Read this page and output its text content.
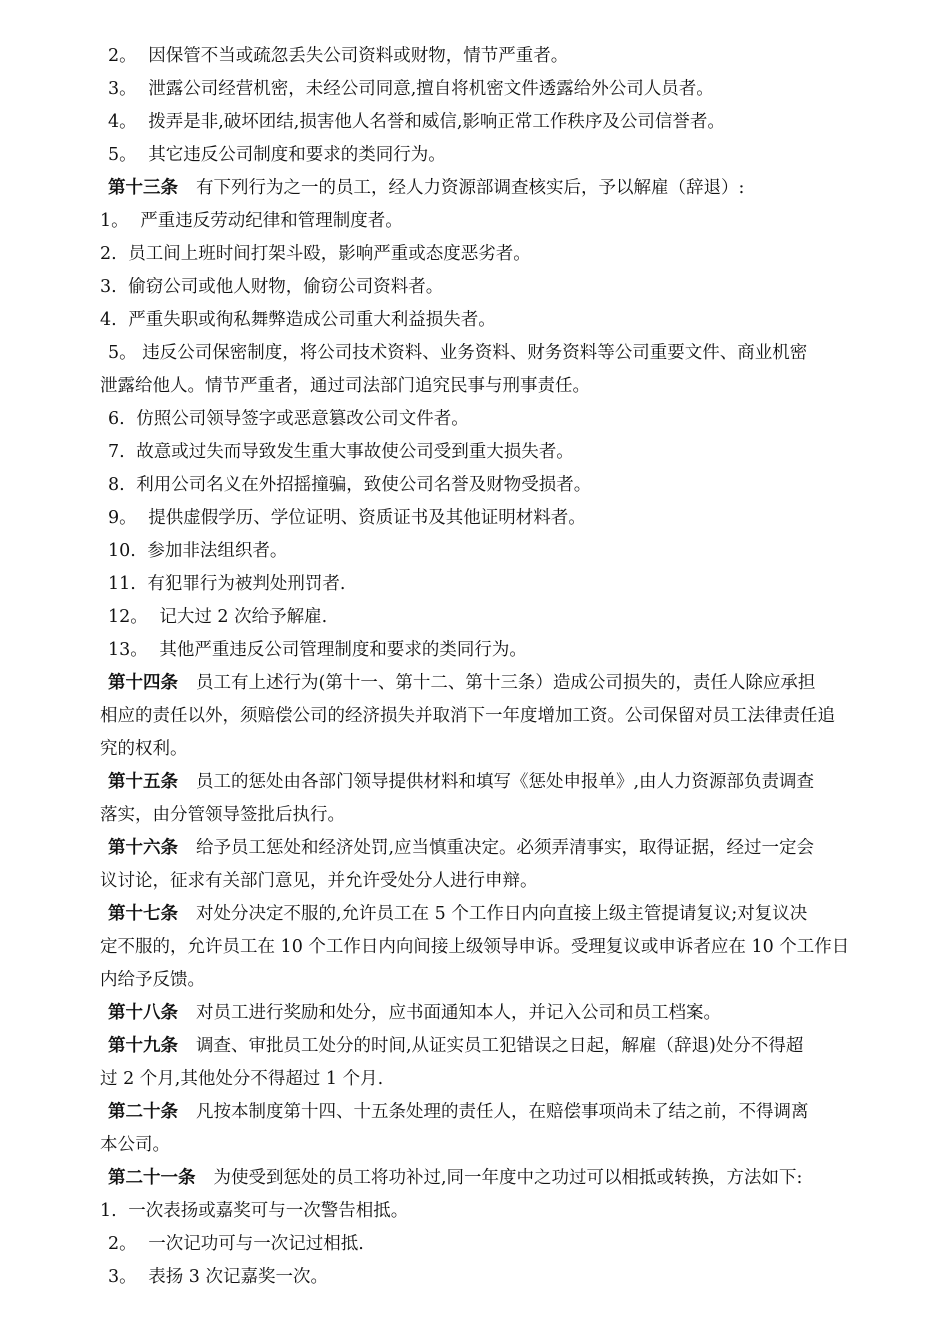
2。 因保管不当或疏忽丢失公司资料或财物，情节严重者。

3。 泄露公司经营机密，未经公司同意,擅自将机密文件透露给外公司人员者。

4。 拨弄是非,破坏团结,损害他人名誉和威信,影响正常工作秩序及公司信誉者。

5。 其它违反公司制度和要求的类同行为。

第十三条 有下列行为之一的员工，经人力资源部调查核实后，予以解雇（辞退）:

1。 严重违反劳动纪律和管理制度者。

2. 员工间上班时间打架斗殴，影响严重或态度恶劣者。

3. 偷窃公司或他人财物，偷窃公司资料者。

4. 严重失职或徇私舞弊造成公司重大利益损失者。

5。 违反公司保密制度，将公司技术资料、业务资料、财务资料等公司重要文件、商业机密

泄露给他人。情节严重者，通过司法部门追究民事与刑事责任。

6. 仿照公司领导签字或恶意篡改公司文件者。

7. 故意或过失而导致发生重大事故使公司受到重大损失者。

8. 利用公司名义在外招摇撞骗，致使公司名誉及财物受损者。

9。 提供虚假学历、学位证明、资质证书及其他证明材料者。

10. 参加非法组织者。

11. 有犯罪行为被判处刑罚者.

12。 记大过 2 次给予解雇.

13。 其他严重违反公司管理制度和要求的类同行为。

第十四条 员工有上述行为(第十一、第十二、第十三条）造成公司损失的，责任人除应承担

相应的责任以外，须赔偿公司的经济损失并取消下一年度增加工资。公司保留对员工法律责任追

究的权利。

第十五条 员工的惩处由各部门领导提供材料和填写《惩处申报单》,由人力资源部负责调查

落实，由分管领导签批后执行。

第十六条 给予员工惩处和经济处罚,应当慎重决定。必须弄清事实，取得证据，经过一定会

议讨论，征求有关部门意见，并允许受处分人进行申辩。

第十七条 对处分决定不服的,允许员工在 5 个工作日内向直接上级主管提请复议;对复议决

定不服的，允许员工在 10 个工作日内向间接上级领导申诉。受理复议或申诉者应在 10 个工作日

内给予反馈。

第十八条 对员工进行奖励和处分，应书面通知本人，并记入公司和员工档案。

第十九条 调查、审批员工处分的时间,从证实员工犯错误之日起，解雇（辞退)处分不得超

过 2 个月,其他处分不得超过 1 个月.

第二十条 凡按本制度第十四、十五条处理的责任人，在赔偿事项尚未了结之前，不得调离

本公司。

第二十一条 为使受到惩处的员工将功补过,同一年度中之功过可以相抵或转换，方法如下:

1. 一次表扬或嘉奖可与一次警告相抵。

2。 一次记功可与一次记过相抵.

3。 表扬 3 次记嘉奖一次。
